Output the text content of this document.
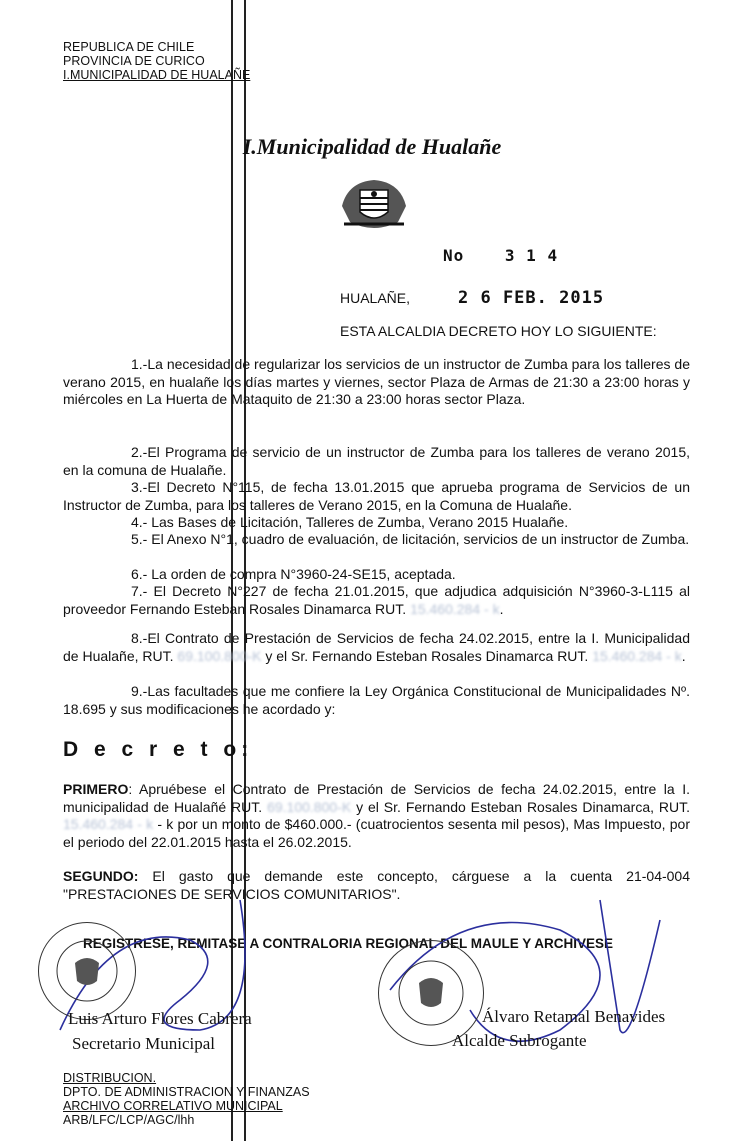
REPUBLICA DE CHILE
PROVINCIA DE CURICO
I.MUNICIPALIDAD DE HUALAÑE
I.Municipalidad de Hualañe
No	3 1 4
HUALAÑE,	2 6 FEB. 2015
ESTA ALCALDIA DECRETO HOY LO SIGUIENTE:
1.-La necesidad de regularizar los servicios de un instructor de Zumba para los talleres de verano 2015, en hualañe los días martes y viernes, sector Plaza de Armas de 21:30 a 23:00 horas y miércoles en La Huerta de Mataquito de 21:30 a 23:00 horas sector Plaza.
2.-El Programa de servicio de un instructor de Zumba para los talleres de verano 2015, en la comuna de Hualañe.
3.-El Decreto N°115, de fecha 13.01.2015 que aprueba programa de Servicios de un Instructor de Zumba, para los talleres de Verano 2015, en la Comuna de Hualañe.
4.- Las Bases de Licitación, Talleres de Zumba, Verano 2015 Hualañe.
5.- El Anexo N°1, cuadro de evaluación, de licitación, servicios de un instructor de Zumba.
6.- La orden de compra N°3960-24-SE15, aceptada.
7.- El Decreto N°227 de fecha 21.01.2015, que adjudica adquisición N°3960-3-L115 al proveedor Fernando Esteban Rosales Dinamarca RUT. 15.460.284 - k.
8.-El Contrato de Prestación de Servicios de fecha 24.02.2015, entre la I. Municipalidad de Hualañe, RUT. 69.100.800-K y el Sr. Fernando Esteban Rosales Dinamarca RUT. 15.460.284 - k.
9.-Las facultades que me confiere la Ley Orgánica Constitucional de Municipalidades Nº. 18.695 y sus modificaciones he acordado y:
D e c r e t o:
PRIMERO: Apruébese el Contrato de Prestación de Servicios de fecha 24.02.2015, entre la I. municipalidad de Hualañé RUT. 69.100.800-K y el Sr. Fernando Esteban Rosales Dinamarca, RUT. 15.460.284 - k - k por un monto de $460.000.- (cuatrocientos sesenta mil pesos), Mas Impuesto, por el periodo del 22.01.2015 hasta el 26.02.2015.
SEGUNDO: El gasto que demande este concepto, cárguese a la cuenta 21-04-004 "PRESTACIONES DE SERVICIOS COMUNITARIOS".
REGISTRESE, REMITASE A CONTRALORIA REGIONAL DEL MAULE Y ARCHIVESE
Luis Arturo Flores Cabrera
Secretario Municipal
Álvaro Retamal Benavides
Alcalde Subrogante
DISTRIBUCION.
DPTO. DE ADMINISTRACION Y FINANZAS
ARCHIVO CORRELATIVO MUNICIPAL
ARB/LFC/LCP/AGC/lhh
